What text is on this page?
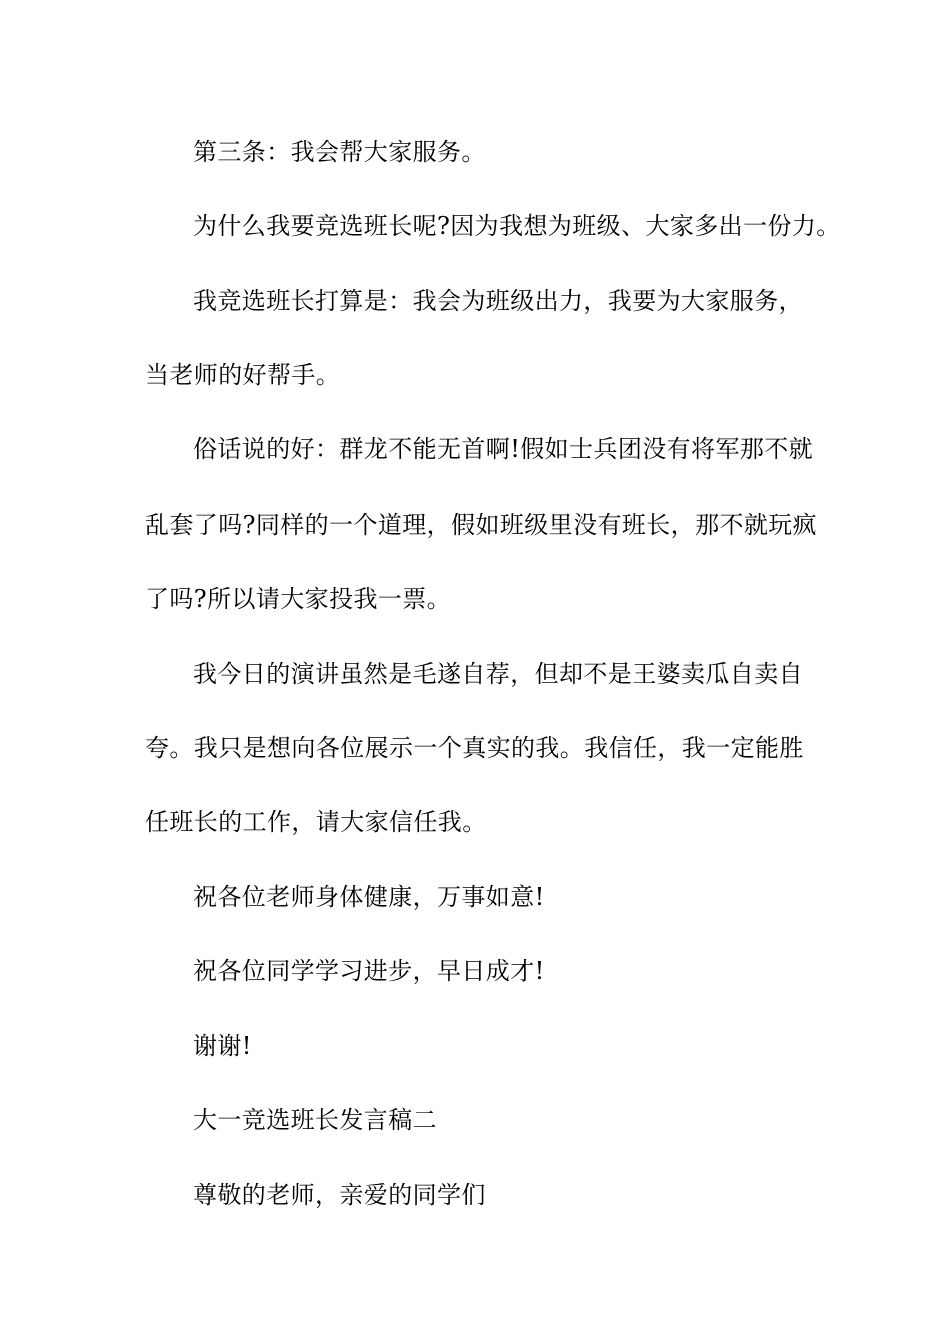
第三条：我会帮大家服务。
为什么我要竞选班长呢?因为我想为班级、大家多出一份力。
我竞选班长打算是：我会为班级出力，我要为大家服务，
当老师的好帮手。
俗话说的好：群龙不能无首啊!假如士兵团没有将军那不就
乱套了吗?同样的一个道理，假如班级里没有班长，那不就玩疯
了吗?所以请大家投我一票。
我今日的演讲虽然是毛遂自荐，但却不是王婆卖瓜自卖自
夸。我只是想向各位展示一个真实的我。我信任，我一定能胜
任班长的工作，请大家信任我。
祝各位老师身体健康，万事如意!
祝各位同学学习进步，早日成才!
谢谢!
大一竞选班长发言稿二
尊敬的老师，亲爱的同学们
